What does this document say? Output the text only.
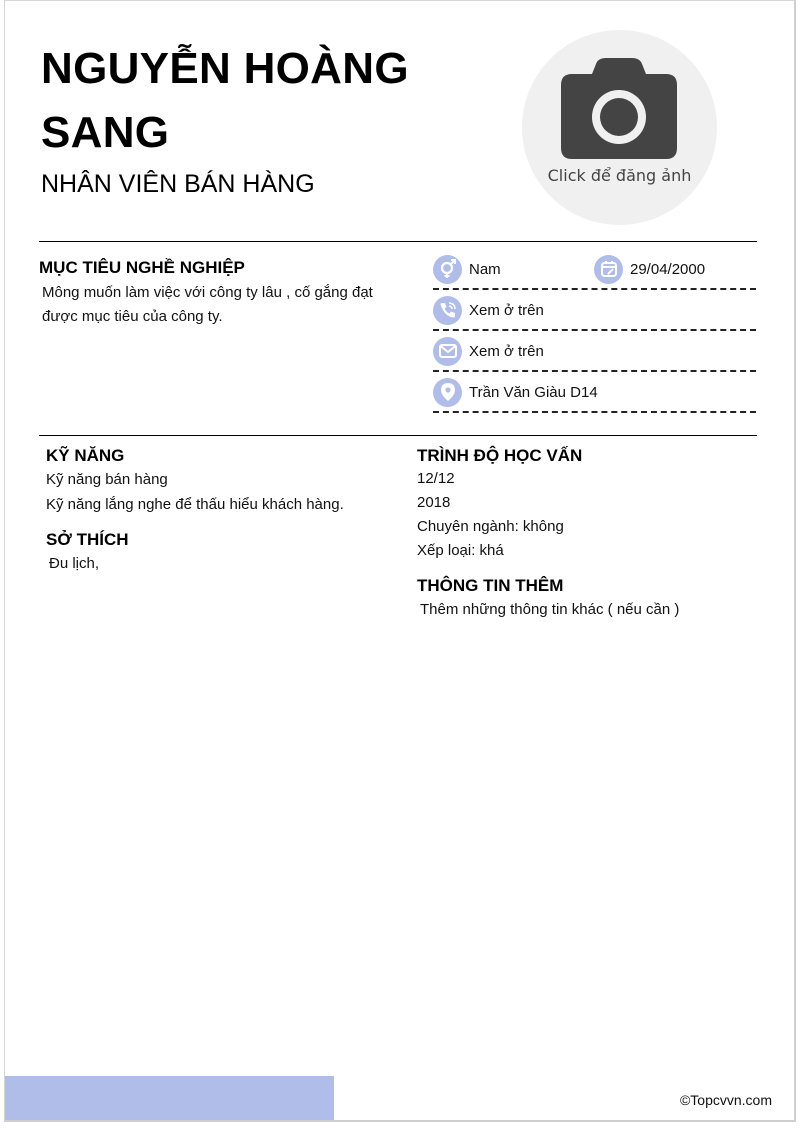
NGUYỄN HOÀNG SANG
NHÂN VIÊN BÁN HÀNG	Click để đăng ảnh
MỤC TIÊU NGHỀ NGHIỆP
Mông muốn làm việc với công ty lâu , cố gắng đạt được mục tiêu của công ty.
Nam	29/04/2000
Xem ở trên
Xem ở trên
Trần Văn Giàu D14
KỸ NĂNG
Kỹ năng bán hàng
Kỹ năng lắng nghe để thấu hiểu khách hàng.
SỞ THÍCH
Đu lịch,
TRÌNH ĐỘ HỌC VẤN
12/12
2018
Chuyên ngành: không
Xếp loại: khá
THÔNG TIN THÊM
Thêm những thông tin khác ( nếu cần )
©Topcvvn.com
